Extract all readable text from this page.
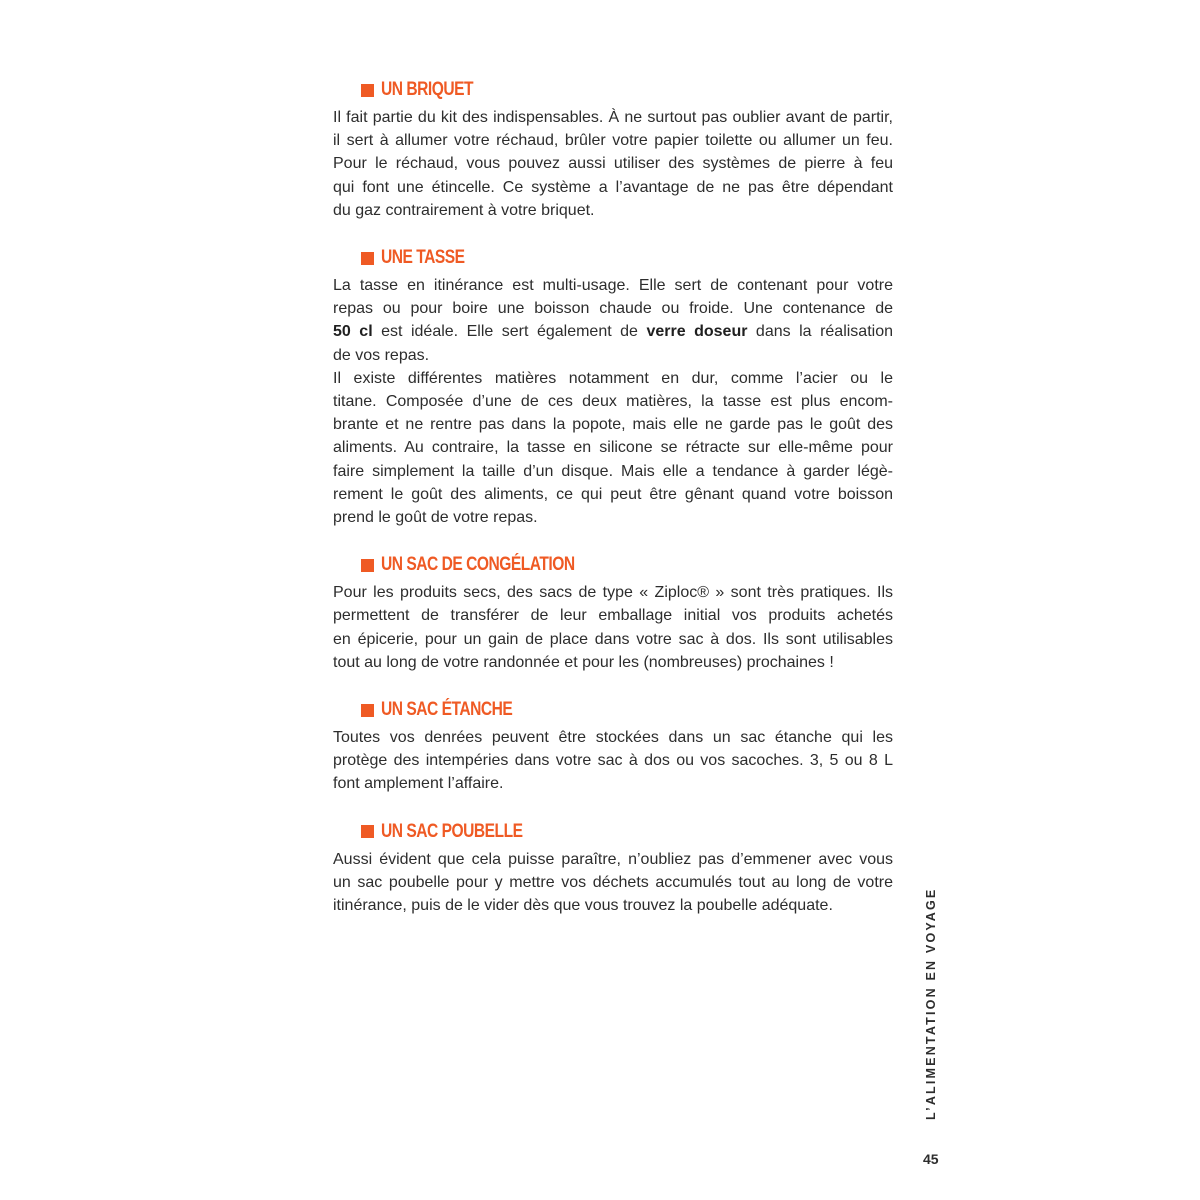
UN BRIQUET
Il fait partie du kit des indispensables. À ne surtout pas oublier avant de partir,
il sert à allumer votre réchaud, brûler votre papier toilette ou allumer un feu.
Pour le réchaud, vous pouvez aussi utiliser des systèmes de pierre à feu
qui font une étincelle. Ce système a l’avantage de ne pas être dépendant
du gaz contrairement à votre briquet.
UNE TASSE
La tasse en itinérance est multi-usage. Elle sert de contenant pour votre
repas ou pour boire une boisson chaude ou froide. Une contenance de
50 cl est idéale. Elle sert également de verre doseur dans la réalisation
de vos repas.
Il existe différentes matières notamment en dur, comme l’acier ou le
titane. Composée d’une de ces deux matières, la tasse est plus encom-
brante et ne rentre pas dans la popote, mais elle ne garde pas le goût des
aliments. Au contraire, la tasse en silicone se rétracte sur elle-même pour
faire simplement la taille d’un disque. Mais elle a tendance à garder légè-
rement le goût des aliments, ce qui peut être gênant quand votre boisson
prend le goût de votre repas.
UN SAC DE CONGÉLATION
Pour les produits secs, des sacs de type « Ziploc® » sont très pratiques. Ils
permettent de transférer de leur emballage initial vos produits achetés
en épicerie, pour un gain de place dans votre sac à dos. Ils sont utilisables
tout au long de votre randonnée et pour les (nombreuses) prochaines !
UN SAC ÉTANCHE
Toutes vos denrées peuvent être stockées dans un sac étanche qui les
protège des intempéries dans votre sac à dos ou vos sacoches. 3, 5 ou 8 L
font amplement l’affaire.
UN SAC POUBELLE
Aussi évident que cela puisse paraître, n’oubliez pas d’emmener avec vous
un sac poubelle pour y mettre vos déchets accumulés tout au long de votre
itinérance, puis de le vider dès que vous trouvez la poubelle adéquate.	L’ALIMENTATION EN VOYAGE
45
